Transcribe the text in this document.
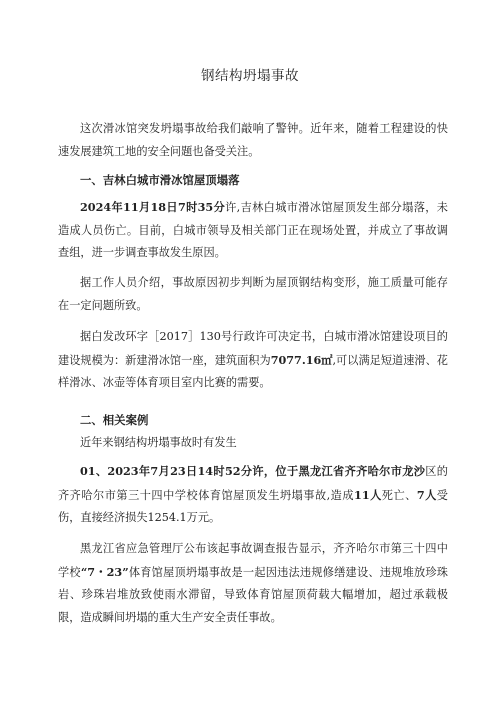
钢结构坍塌事故

这次滑冰馆突发坍塌事故给我们敲响了警钟。近年来，随着工程建设的快速发展建筑工地的安全问题也备受关注。

一、吉林白城市滑冰馆屋顶塌落

2024年11月18日7时35分许,吉林白城市滑冰馆屋顶发生部分塌落，未造成人员伤亡。目前，白城市领导及相关部门正在现场处置，并成立了事故调查组，进一步调查事故发生原因。

据工作人员介绍，事故原因初步判断为屋顶钢结构变形，施工质量可能存在一定问题所致。

据白发改环字［2017］130号行政许可决定书，白城市滑冰馆建设项目的建设规模为：新建滑冰馆一座，建筑面积为7077.16㎡,可以满足短道速滑、花样滑冰、冰壶等体育项目室内比赛的需要。

二、相关案例

近年来钢结构坍塌事故时有发生

01、2023年7月23日14时52分许，位于黑龙江省齐齐哈尔市龙沙区的齐齐哈尔市第三十四中学校体育馆屋顶发生坍塌事故,造成11人死亡、7人受伤，直接经济损失1254.1万元。

黑龙江省应急管理厅公布该起事故调查报告显示，齐齐哈尔市第三十四中学校“7・23”体育馆屋顶坍塌事故是一起因违法违规修缮建设、违规堆放珍珠岩、珍珠岩堆放致使雨水滞留，导致体育馆屋顶荷载大幅增加，超过承载极限，造成瞬间坍塌的重大生产安全责任事故。
